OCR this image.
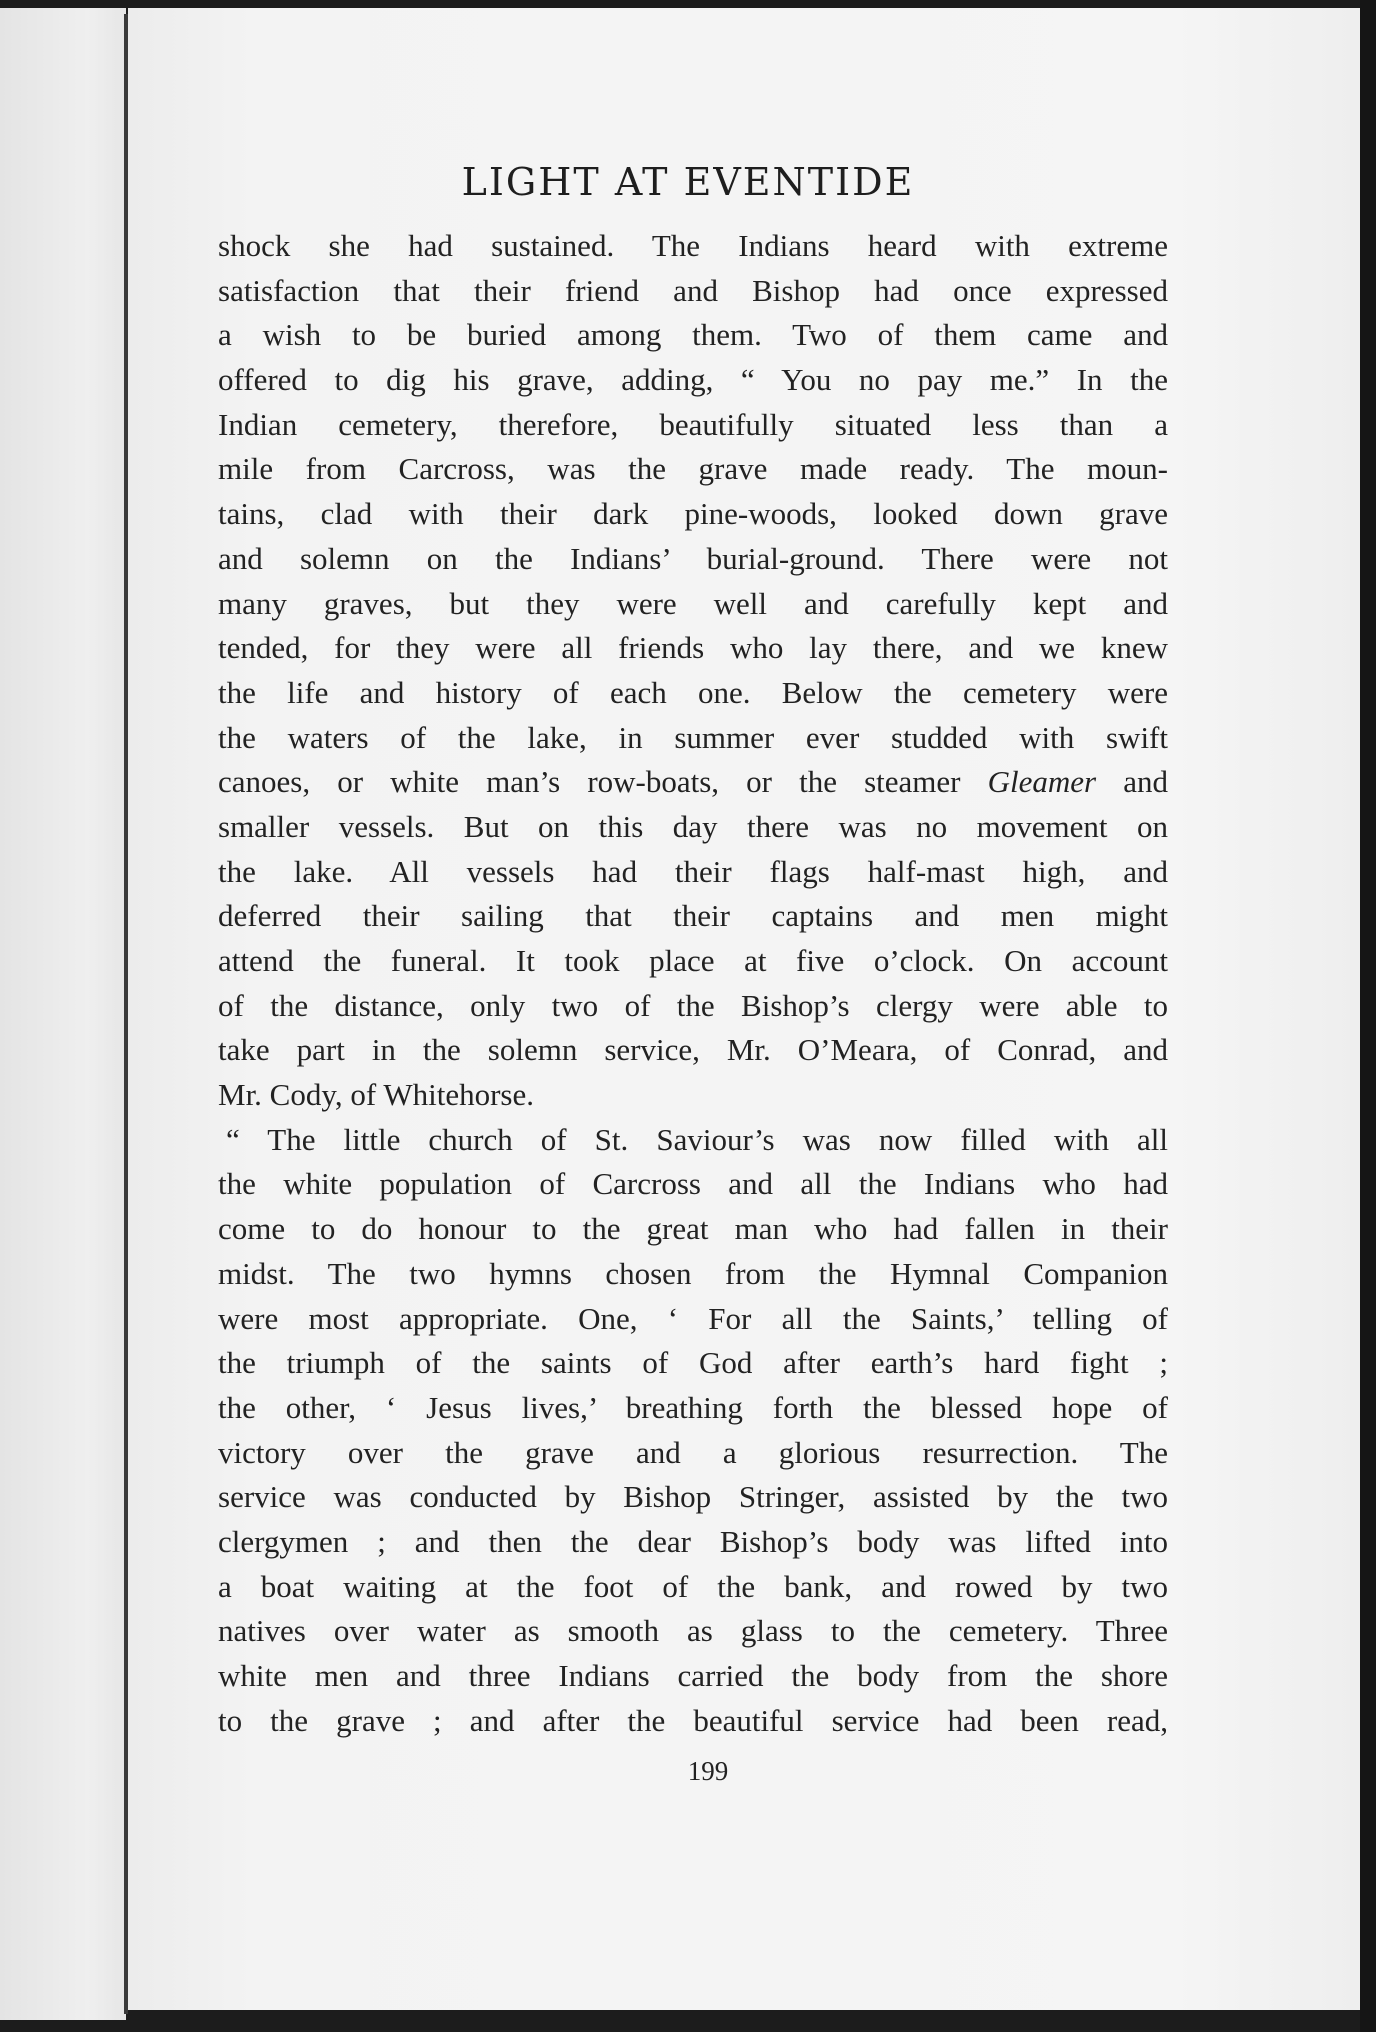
LIGHT AT EVENTIDE
shock she had sustained. The Indians heard with extreme
satisfaction that their friend and Bishop had once expressed
a wish to be buried among them. Two of them came and
offered to dig his grave, adding, “ You no pay me.” In the
Indian cemetery, therefore, beautifully situated less than a
mile from Carcross, was the grave made ready. The moun-
tains, clad with their dark pine-woods, looked down grave
and solemn on the Indians’ burial-ground. There were not
many graves, but they were well and carefully kept and
tended, for they were all friends who lay there, and we knew
the life and history of each one. Below the cemetery were
the waters of the lake, in summer ever studded with swift
canoes, or white man’s row-boats, or the steamer Gleamer and
smaller vessels. But on this day there was no movement on
the lake. All vessels had their flags half-mast high, and
deferred their sailing that their captains and men might
attend the funeral. It took place at five o’clock. On account
of the distance, only two of the Bishop’s clergy were able to
take part in the solemn service, Mr. O’Meara, of Conrad, and
Mr. Cody, of Whitehorse.
“ The little church of St. Saviour’s was now filled with all
the white population of Carcross and all the Indians who had
come to do honour to the great man who had fallen in their
midst. The two hymns chosen from the Hymnal Companion
were most appropriate. One, ‘ For all the Saints,’ telling of
the triumph of the saints of God after earth’s hard fight ;
the other, ‘ Jesus lives,’ breathing forth the blessed hope of
victory over the grave and a glorious resurrection. The
service was conducted by Bishop Stringer, assisted by the two
clergymen ; and then the dear Bishop’s body was lifted into
a boat waiting at the foot of the bank, and rowed by two
natives over water as smooth as glass to the cemetery. Three
white men and three Indians carried the body from the shore
to the grave ; and after the beautiful service had been read,
199
